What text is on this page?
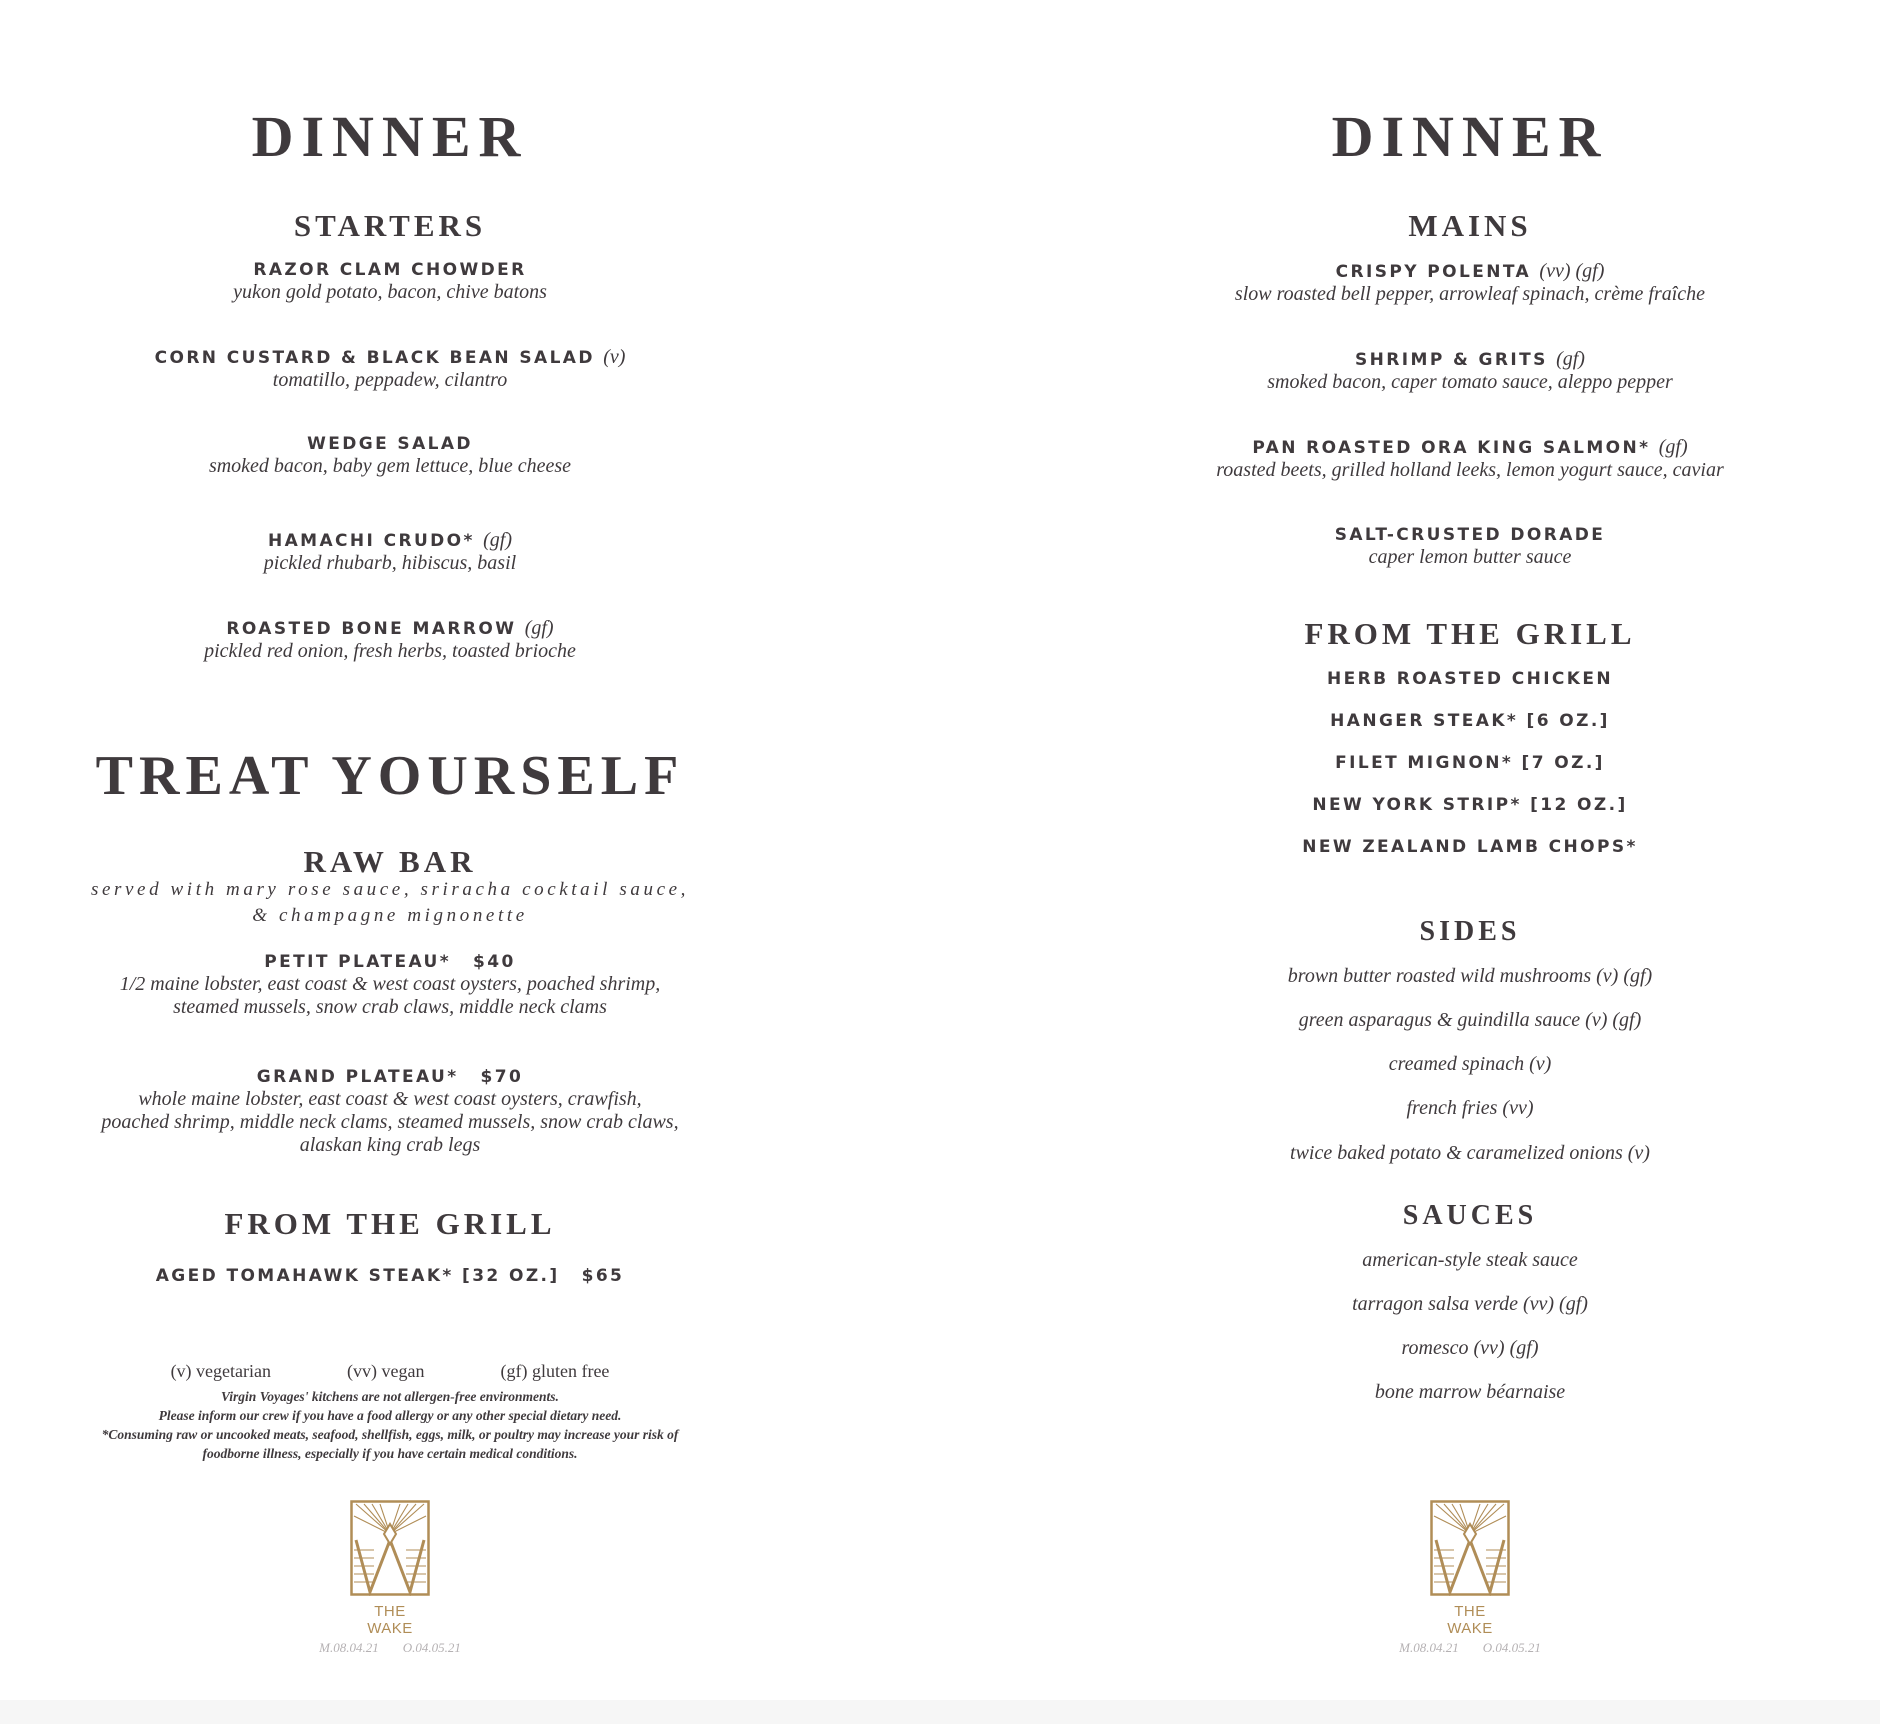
DINNER
STARTERS
RAZOR CLAM CHOWDER
yukon gold potato, bacon, chive batons
CORN CUSTARD & BLACK BEAN SALAD (v)
tomatillo, peppadew, cilantro
WEDGE SALAD
smoked bacon, baby gem lettuce, blue cheese
HAMACHI CRUDO* (gf)
pickled rhubarb, hibiscus, basil
ROASTED BONE MARROW (gf)
pickled red onion, fresh herbs, toasted brioche
TREAT YOURSELF
RAW BAR
served with mary rose sauce, sriracha cocktail sauce,
& champagne mignonette
PETIT PLATEAU* $40
1/2 maine lobster, east coast & west coast oysters, poached shrimp,
steamed mussels, snow crab claws, middle neck clams
GRAND PLATEAU* $70
whole maine lobster, east coast & west coast oysters, crawfish,
poached shrimp, middle neck clams, steamed mussels, snow crab claws,
alaskan king crab legs
FROM THE GRILL
AGED TOMAHAWK STEAK* [32 OZ.] $65
(v) vegetarian	(vv) vegan	(gf) gluten free
Virgin Voyages' kitchens are not allergen-free environments.
Please inform our crew if you have a food allergy or any other special dietary need.
*Consuming raw or uncooked meats, seafood, shellfish, eggs, milk, or poultry may increase your risk of
foodborne illness, especially if you have certain medical conditions.
THE WAKE
M.08.04.21 O.04.05.21
DINNER
MAINS
CRISPY POLENTA (vv) (gf)
slow roasted bell pepper, arrowleaf spinach, crème fraîche
SHRIMP & GRITS (gf)
smoked bacon, caper tomato sauce, aleppo pepper
PAN ROASTED ORA KING SALMON* (gf)
roasted beets, grilled holland leeks, lemon yogurt sauce, caviar
SALT-CRUSTED DORADE
caper lemon butter sauce
FROM THE GRILL
HERB ROASTED CHICKEN
HANGER STEAK* [6 OZ.]
FILET MIGNON* [7 OZ.]
NEW YORK STRIP* [12 OZ.]
NEW ZEALAND LAMB CHOPS*
SIDES
brown butter roasted wild mushrooms (v) (gf)
green asparagus & guindilla sauce (v) (gf)
creamed spinach (v)
french fries (vv)
twice baked potato & caramelized onions (v)
SAUCES
american-style steak sauce
tarragon salsa verde (vv) (gf)
romesco (vv) (gf)
bone marrow béarnaise
THE WAKE
M.08.04.21 O.04.05.21
